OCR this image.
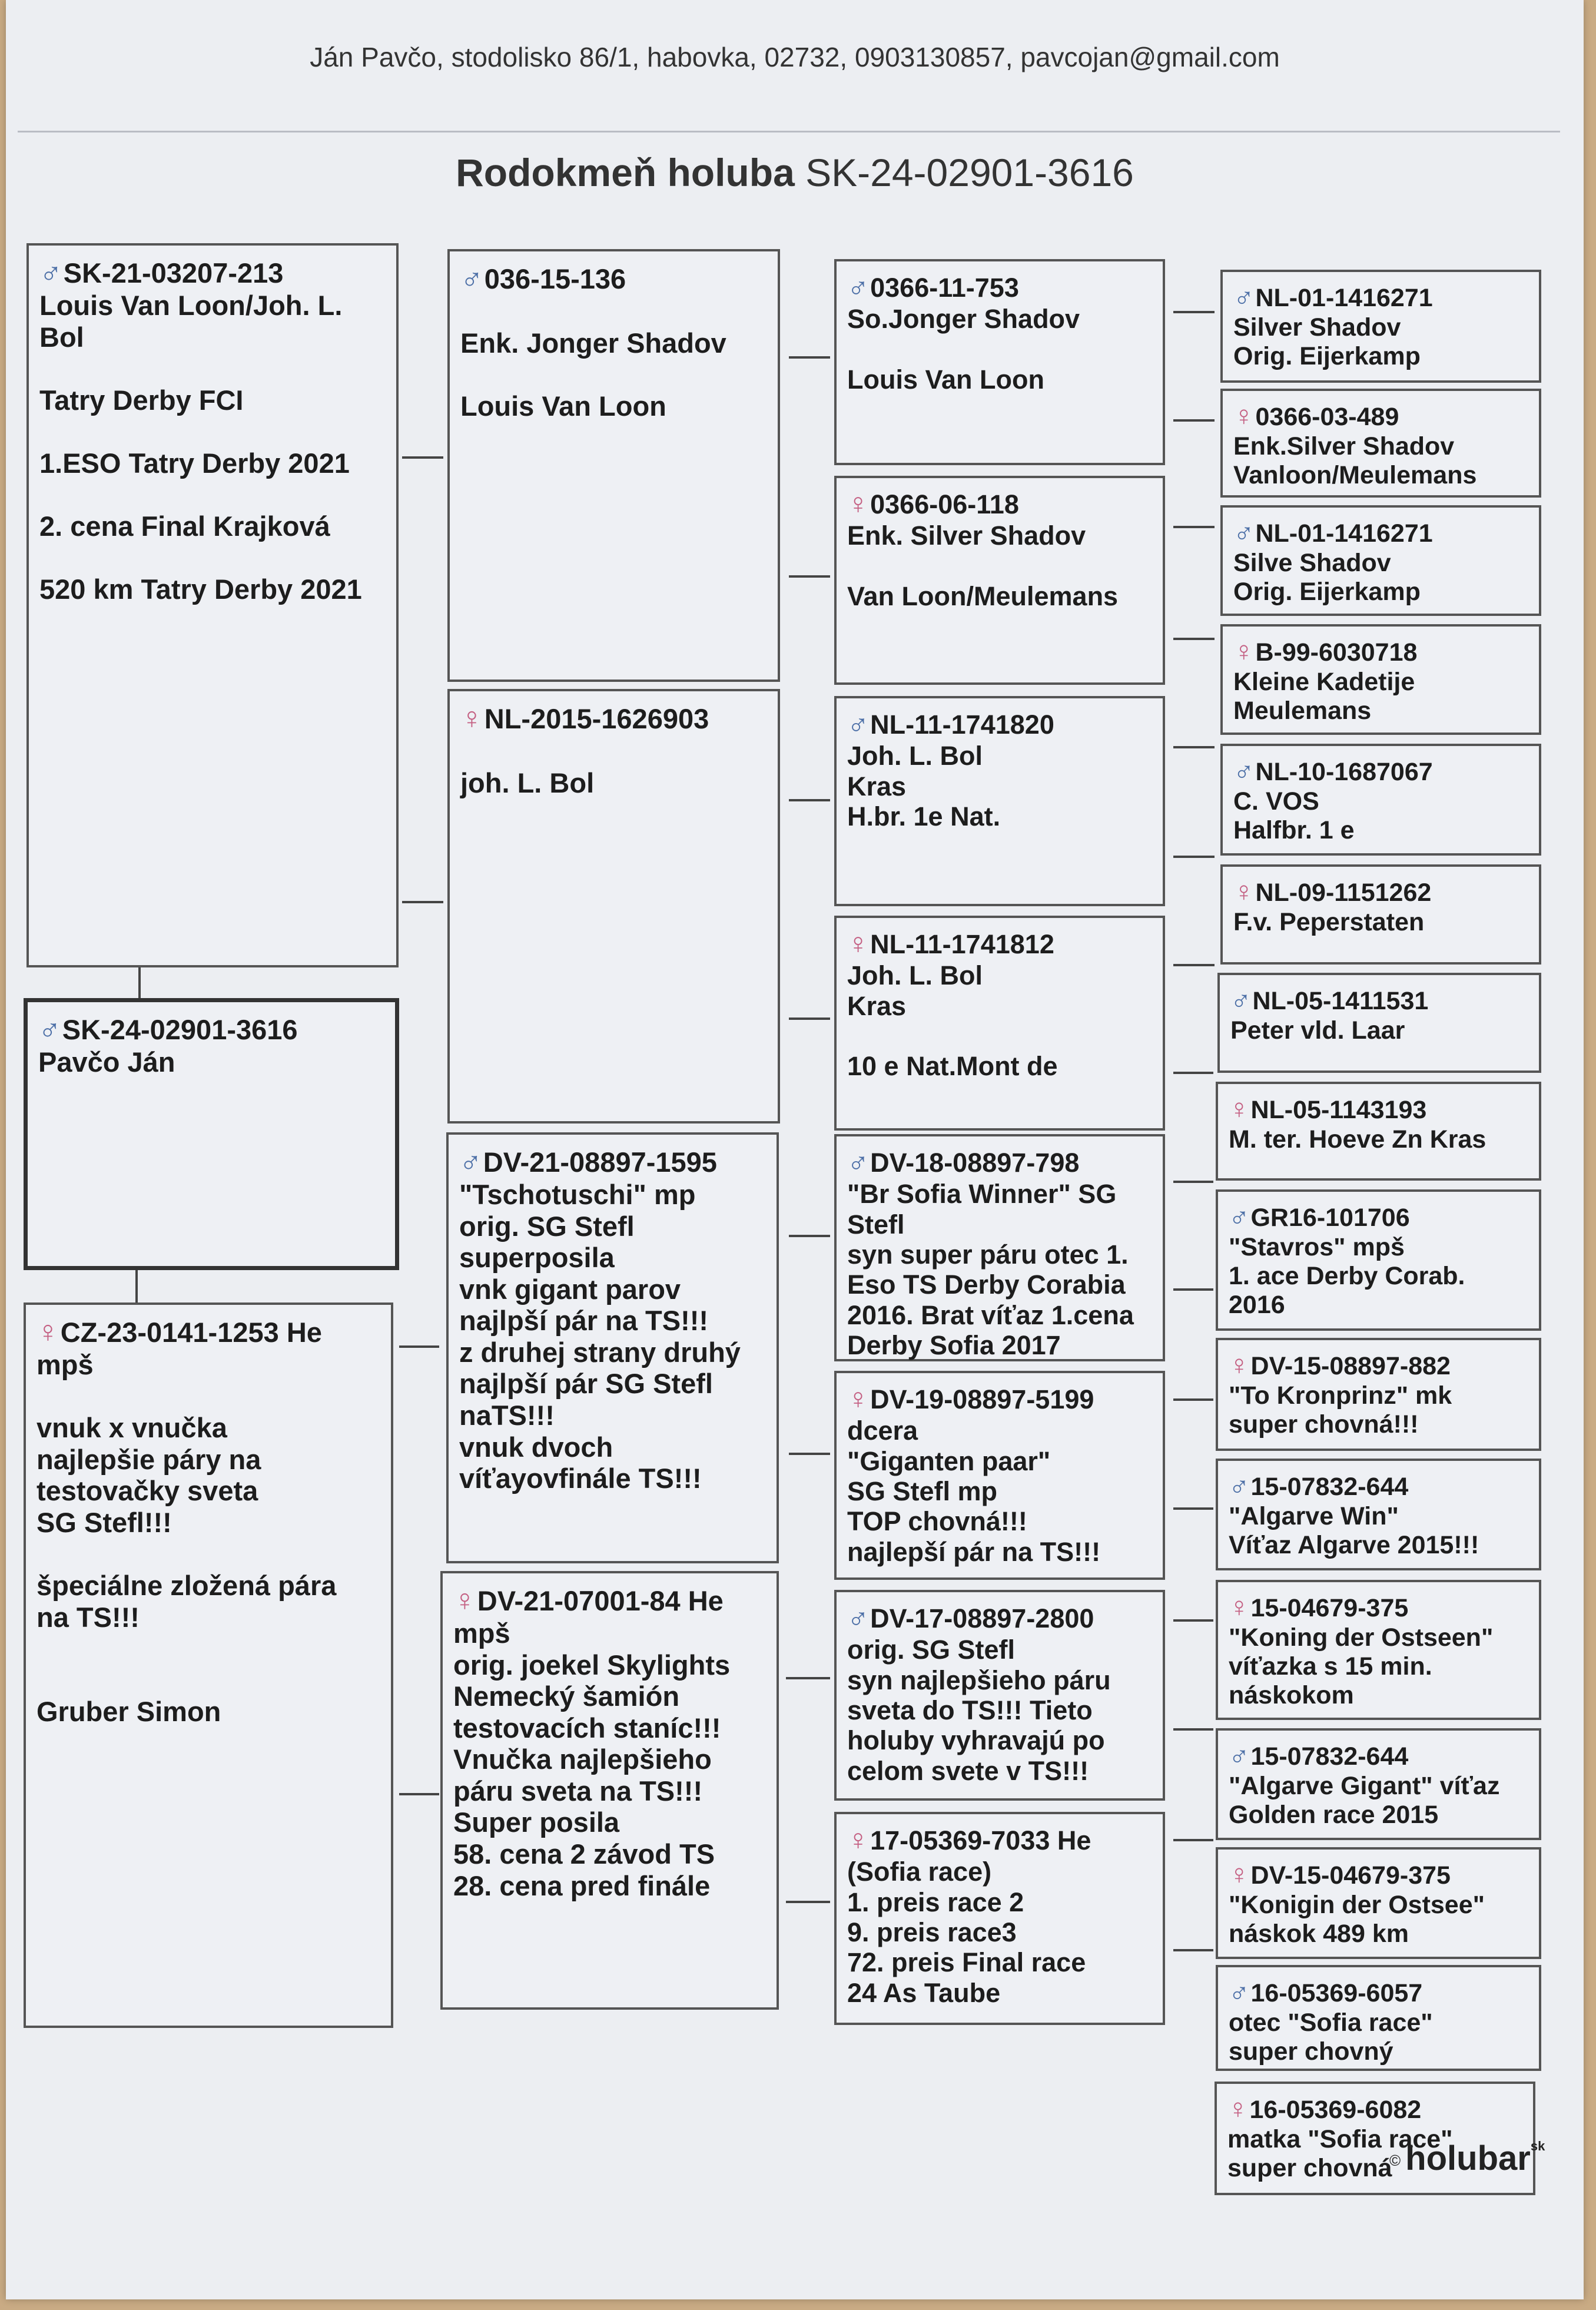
Ján Pavčo, stodolisko 86/1, habovka, 02732, 0903130857, pavcojan@gmail.com
Rodokmeň holuba SK-24-02901-3616
♂ SK-21-03207-213
Louis Van Loon/Joh. L.
Bol

Tatry Derby FCI

1.ESO Tatry Derby 2021

2. cena Final Krajková

520 km Tatry Derby 2021
♂ SK-24-02901-3616
Pavčo Ján
♀ CZ-23-0141-1253 He
mpš

vnuk x vnučka
najlepšie páry na
testovačky sveta
SG Stefl!!!

špeciálne zložená pára
na TS!!!

Gruber Simon
♂ 036-15-136

Enk. Jonger Shadov

Louis Van Loon
♀ NL-2015-1626903

joh. L. Bol
♂ DV-21-08897-1595
"Tschotuschi" mp
orig. SG Stefl
superposila
vnk gigant parov
najlpší pár na TS!!!
z druhej strany druhý
najlpší pár SG Stefl
naTS!!!
vnuk dvoch
víťayovfinále TS!!!
♀ DV-21-07001-84 He
mpš
orig. joekel Skylights
Nemecký šamión
testovacích staníc!!!
Vnučka najlepšieho
páru sveta na TS!!!
Super posila
58. cena 2 závod TS
28. cena pred finále
♂ 0366-11-753
So.Jonger Shadov

Louis Van Loon
♀ 0366-06-118
Enk. Silver Shadov

Van Loon/Meulemans
♂ NL-11-1741820
Joh. L. Bol
Kras
H.br. 1e Nat.
♀ NL-11-1741812
Joh. L. Bol
Kras

10 e Nat.Mont de
♂ DV-18-08897-798
"Br Sofia Winner" SG
Stefl
syn super páru otec 1.
Eso TS Derby Corabia
2016. Brat víťaz 1.cena
Derby Sofia 2017
♀ DV-19-08897-5199
dcera
"Giganten paar"
SG Stefl mp
TOP chovná!!!
najlepší pár na TS!!!
♂ DV-17-08897-2800
orig. SG Stefl
syn najlepšieho páru
sveta do TS!!! Tieto
holuby vyhravajú po
celom svete v TS!!!
♀ 17-05369-7033 He
(Sofia race)
1. preis race 2
9. preis race3
72. preis Final race
24 As Taube
♂ NL-01-1416271
Silver Shadov
Orig. Eijerkamp
♀ 0366-03-489
Enk.Silver Shadov
Vanloon/Meulemans
♂ NL-01-1416271
Silve Shadov
Orig. Eijerkamp
♀ B-99-6030718
Kleine Kadetije
Meulemans
♂ NL-10-1687067
C. VOS
Halfbr. 1 e
♀ NL-09-1151262
F.v. Peperstaten
♂ NL-05-1411531
Peter vld. Laar
♀ NL-05-1143193
M. ter. Hoeve Zn Kras
♂ GR16-101706
"Stavros" mpš
1. ace Derby Corab.
2016
♀ DV-15-08897-882
"To Kronprinz" mk
super chovná!!!
♂ 15-07832-644
"Algarve Win"
Víťaz Algarve 2015!!!
♀ 15-04679-375
"Koning der Ostseen"
víťazka s 15 min.
náskokom
♂ 15-07832-644
"Algarve Gigant" víťaz
Golden race 2015
♀ DV-15-04679-375
"Konigin der Ostsee"
náskok 489 km
♂ 16-05369-6057
otec "Sofia race"
super chovný
♀ 16-05369-6082
matka "Sofia race"
super chovná
© holubar$^{sk}$
